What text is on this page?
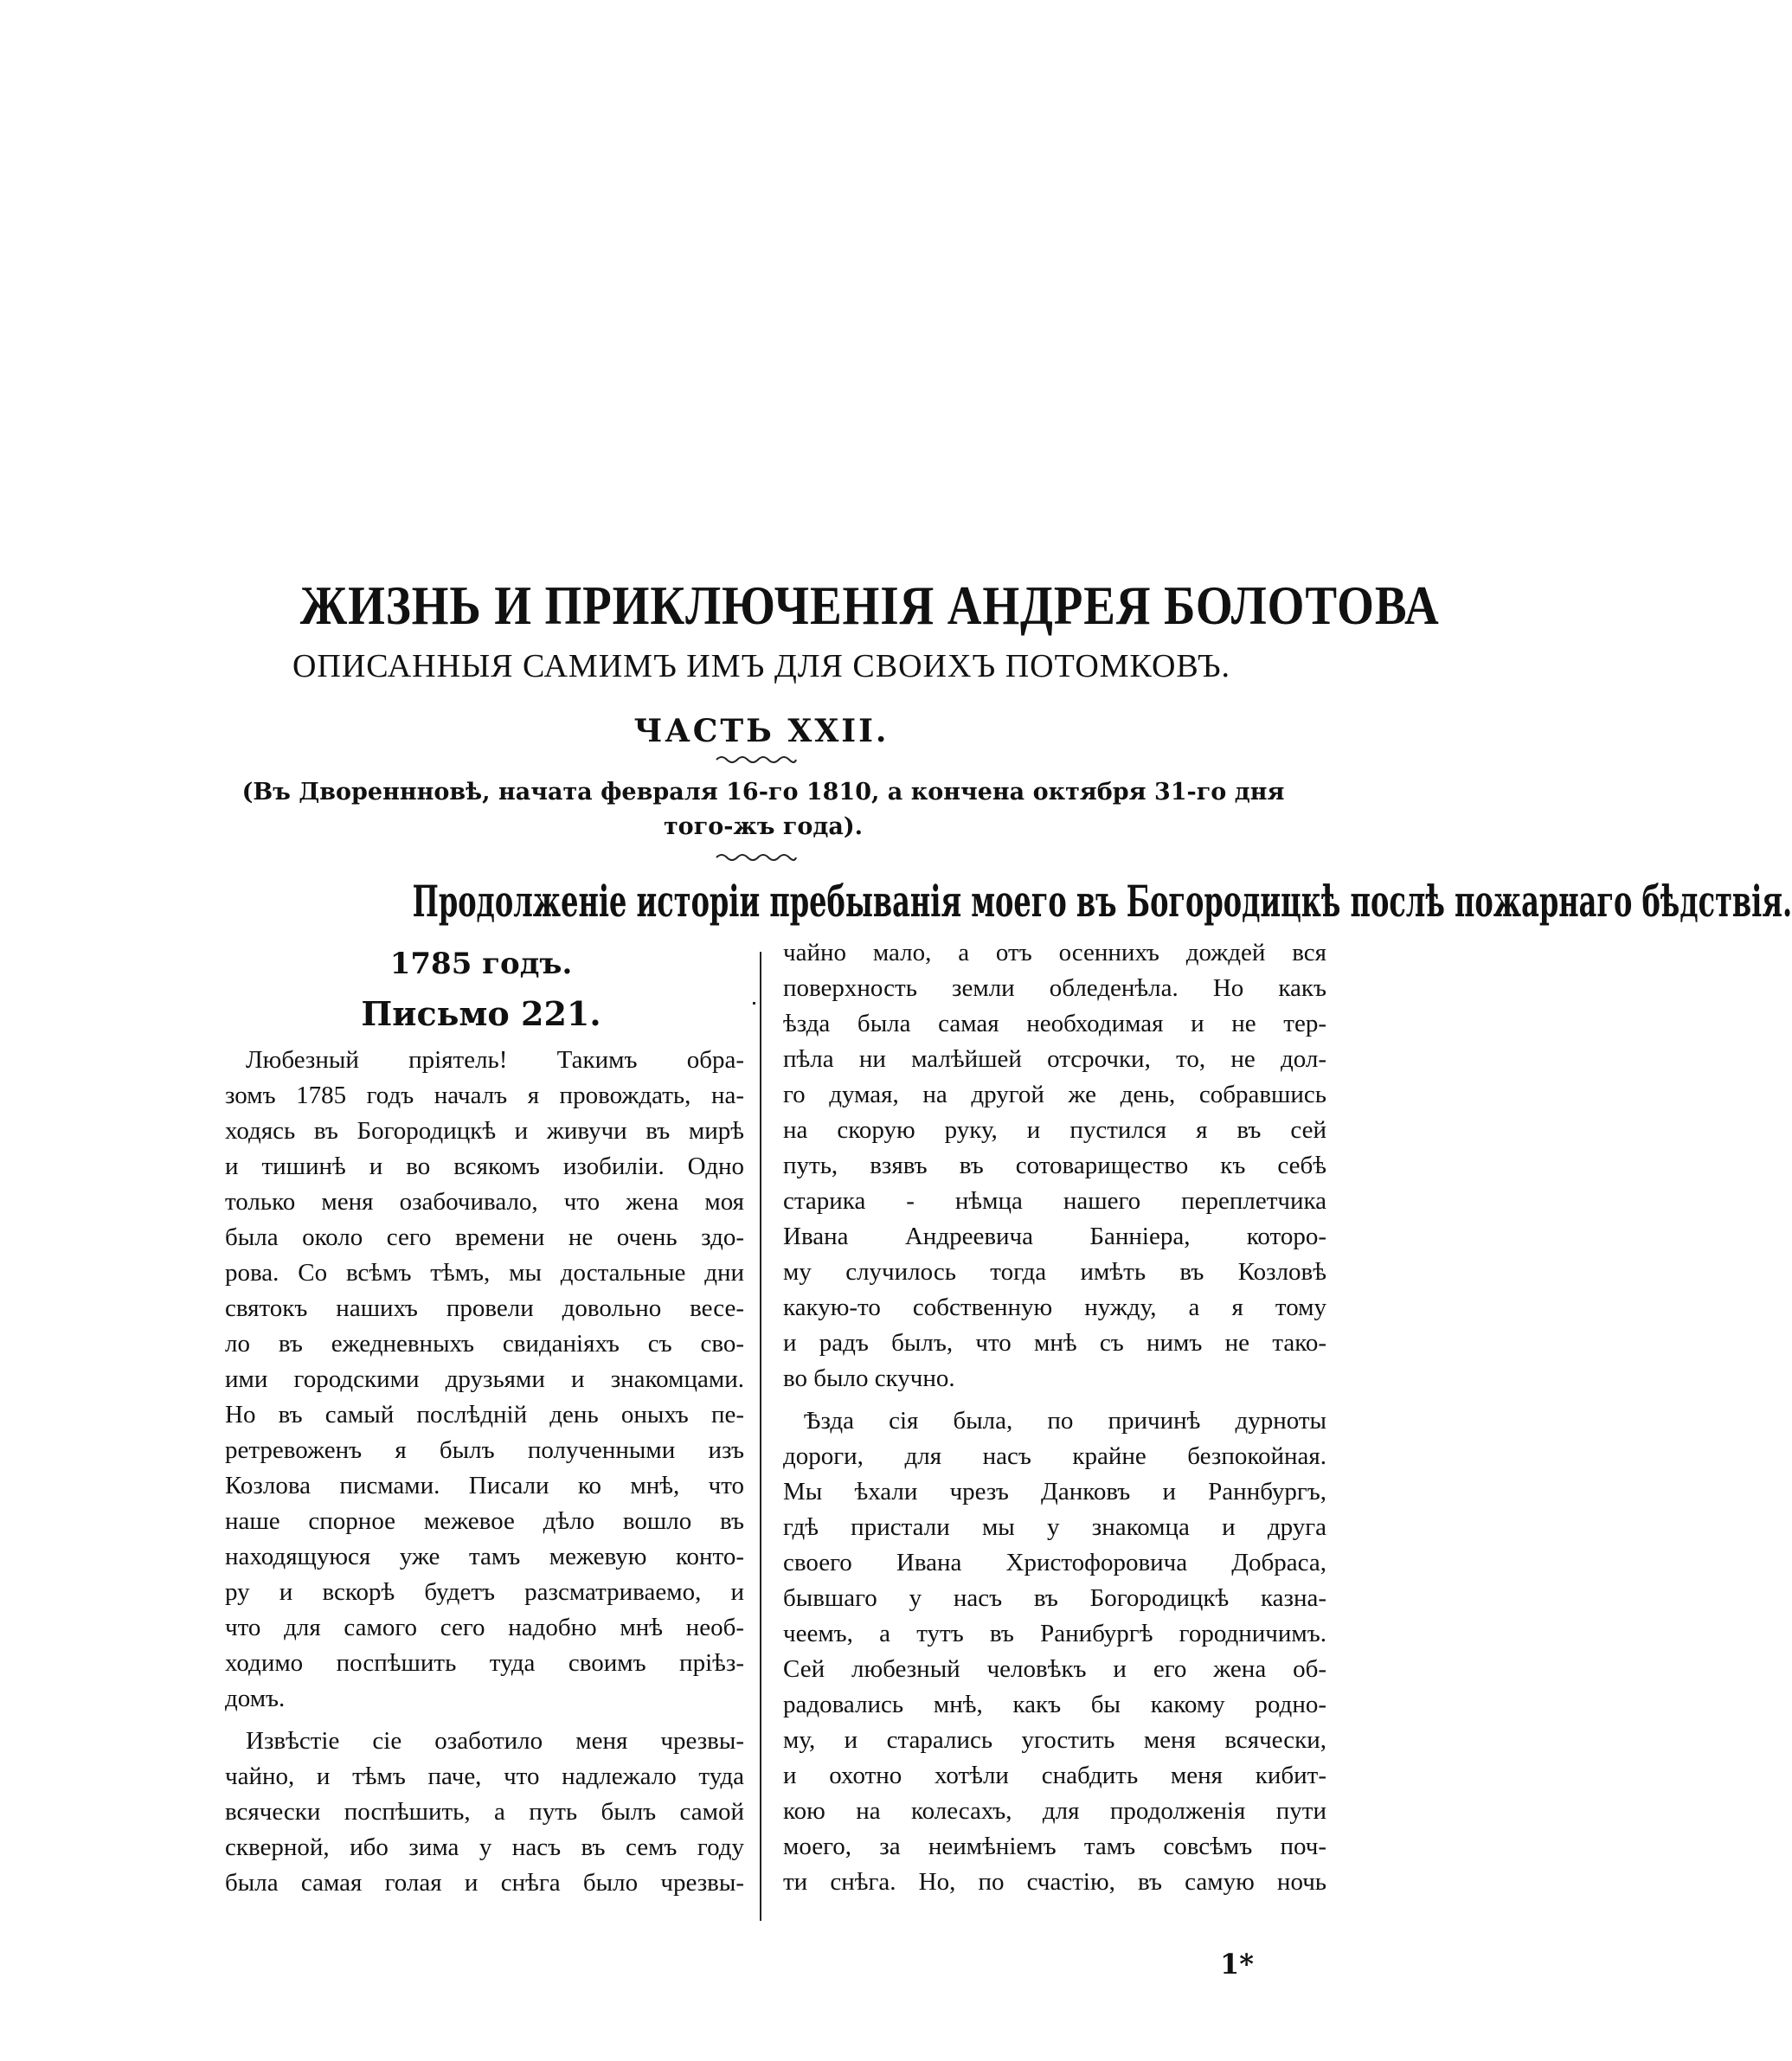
ЖИЗНЬ И ПРИКЛЮЧЕНІЯ АНДРЕЯ БОЛОТОВА
ОПИСАННЫЯ САМИМЪ ИМЪ ДЛЯ СВОИХЪ ПОТОМКОВЪ.
ЧАСТЬ XXII.
(Въ Двореннновѣ, начата февраля 16-го 1810, а кончена октября 31-го дня
того-жъ года).
Продолженіе исторіи пребыванія моего въ Богородицкѣ послѣ пожарнаго бѣдствія.
1785 годъ.
Письмо 221.
Любезный пріятель! Такимъ обра-
зомъ 1785 годъ началъ я провождать, на-
ходясь въ Богородицкѣ и живучи въ мирѣ
и тишинѣ и во всякомъ изобиліи. Одно
только меня озабочивало, что жена моя
была около сего времени не очень здо-
рова. Со всѣмъ тѣмъ, мы достальные дни
святокъ нашихъ провели довольно весе-
ло въ ежедневныхъ свиданіяхъ съ сво-
ими городскими друзьями и знакомцами.
Но въ самый послѣдній день оныхъ пе-
ретревоженъ я былъ полученными изъ
Козлова писмами. Писали ко мнѣ, что
наше спорное межевое дѣло вошло въ
находящуюся уже тамъ межевую конто-
ру и вскорѣ будетъ разсматриваемо, и
что для самого сего надобно мнѣ необ-
ходимо поспѣшить туда своимъ пріѣз-
домъ.
Извѣстіе сіе озаботило меня чрезвы-
чайно, и тѣмъ паче, что надлежало туда
всячески поспѣшить, а путь былъ самой
скверной, ибо зима у насъ въ семъ году
была самая голая и снѣга было чрезвы-
чайно мало, а отъ осеннихъ дождей вся
поверхность земли обледенѣла. Но какъ
ѣзда была самая необходимая и не тер-
пѣла ни малѣйшей отсрочки, то, не дол-
го думая, на другой же день, собравшись
на скорую руку, и пустился я въ сей
путь, взявъ въ сотоварищество къ себѣ
старика - нѣмца нашего переплетчика
Ивана Андреевича Банніера, которо-
му случилось тогда имѣть въ Козловѣ
какую-то собственную нужду, а я тому
и радъ былъ, что мнѣ съ нимъ не тако-
во было скучно.
Ѣзда сія была, по причинѣ дурноты
дороги, для насъ крайне безпокойная.
Мы ѣхали чрезъ Данковъ и Раннбургъ,
гдѣ пристали мы у знакомца и друга
своего Ивана Христофоровича Добраса,
бывшаго у насъ въ Богородицкѣ казна-
чеемъ, а тутъ въ Ранибургѣ городничимъ.
Сей любезный человѣкъ и его жена об-
радовались мнѣ, какъ бы какому родно-
му, и старались угостить меня всячески,
и охотно хотѣли снабдить меня кибит-
кою на колесахъ, для продолженія пути
моего, за неимѣніемъ тамъ совсѣмъ поч-
ти снѣга. Но, по счастію, въ самую ночь
1*
